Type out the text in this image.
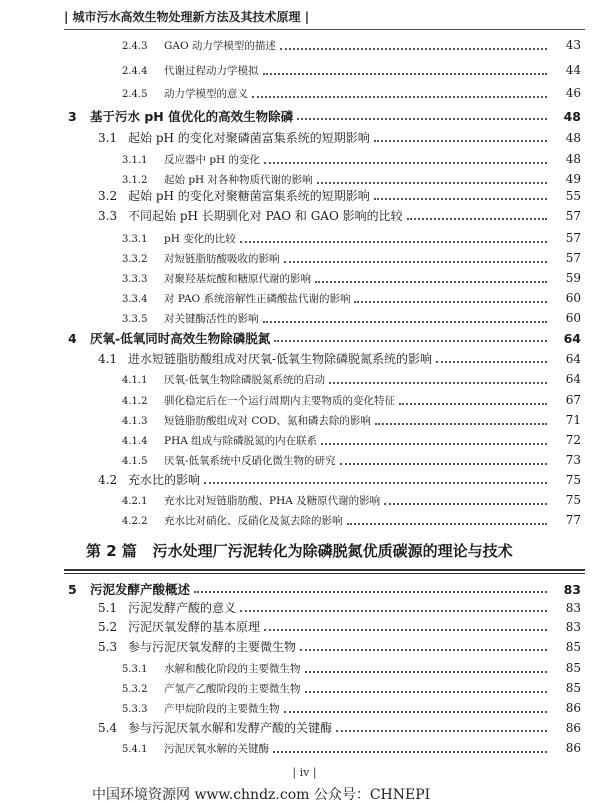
| 城市污水高效生物处理新方法及其技术原理 |
2.4.3	GAO 动力学模型的描述	43
2.4.4	代谢过程动力学模拟	44
2.4.5	动力学模型的意义	46
3	基于污水 pH 值优化的高效生物除磷	48
3.1 起始 pH 的变化对聚磷菌富集系统的短期影响	48
3.1.1	反应器中 pH 的变化	48
3.1.2	起始 pH 对各种物质代谢的影响	49
3.2 起始 pH 的变化对聚糖菌富集系统的短期影响	55
3.3 不同起始 pH 长期驯化对 PAO 和 GAO 影响的比较	57
3.3.1	pH 变化的比较	57
3.3.2	对短链脂肪酸吸收的影响	57
3.3.3	对聚羟基烷酸和糖原代谢的影响	59
3.3.4	对 PAO 系统溶解性正磷酸盐代谢的影响	60
3.3.5	对关键酶活性的影响	60
4	厌氧-低氧同时高效生物除磷脱氮	64
4.1 进水短链脂肪酸组成对厌氧-低氧生物除磷脱氮系统的影响	64
4.1.1	厌氧-低氧生物除磷脱氮系统的启动	64
4.1.2	驯化稳定后在一个运行周期内主要物质的变化特征	67
4.1.3	短链脂肪酸组成对 COD、氮和磷去除的影响	71
4.1.4	PHA 组成与除磷脱氮的内在联系	72
4.1.5	厌氧-低氧系统中反硝化微生物的研究	73
4.2 充水比的影响	75
4.2.1	充水比对短链脂肪酸、PHA 及糖原代谢的影响	75
4.2.2	充水比对硝化、反硝化及氮去除的影响	77
5	污泥发酵产酸概述	83
5.1 污泥发酵产酸的意义	83
5.2 污泥厌氧发酵的基本原理	83
5.3 参与污泥厌氧发酵的主要微生物	85
5.3.1	水解和酸化阶段的主要微生物	85
5.3.2	产氢产乙酸阶段的主要微生物	85
5.3.3	产甲烷阶段的主要微生物	86
5.4 参与污泥厌氧水解和发酵产酸的关键酶	86
5.4.1	污泥厌氧水解的关键酶	86
第 2 篇 污水处理厂污泥转化为除磷脱氮优质碳源的理论与技术
| iv |
中国环境资源网 www.chndz.com 公众号：CHNEPI
